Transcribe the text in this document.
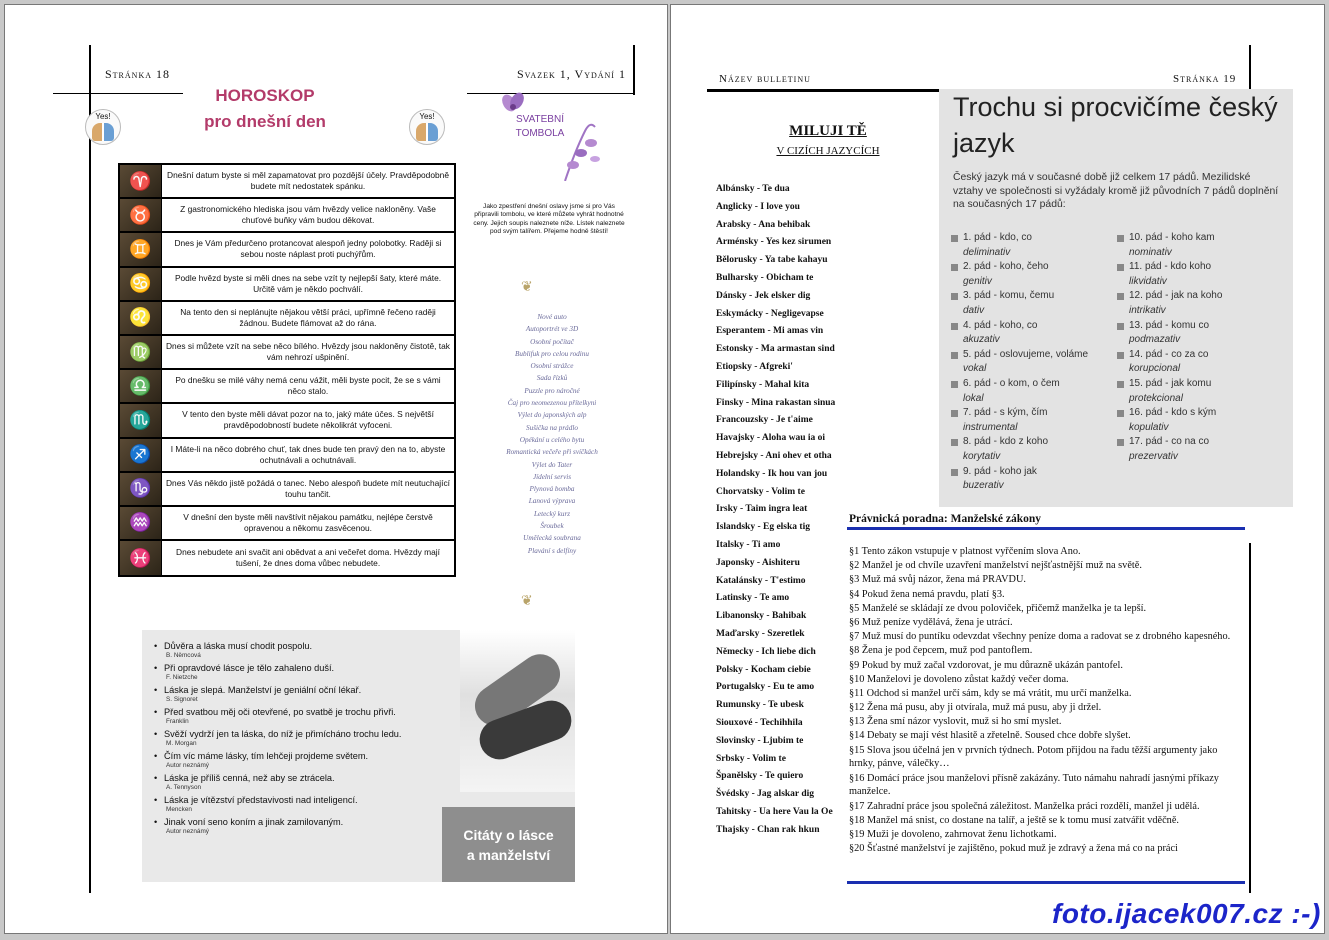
Stránka 18	Svazek 1, Vydání 1
Yes!	Yes!
HOROSKOP
pro dnešní den
♈	Dnešní datum byste si měl zapamatovat pro pozdější účely. Pravděpodobně budete mít nedostatek spánku.
♉	Z gastronomického hlediska jsou vám hvězdy velice nakloněny. Vaše chuťové buňky vám budou děkovat.
♊	Dnes je Vám předurčeno protancovat alespoň jedny polobotky. Raději si sebou noste náplast proti puchýřům.
♋	Podle hvězd byste si měli dnes na sebe vzít ty nejlepší šaty, které máte. Určitě vám je někdo pochválí.
♌	Na tento den si neplánujte nějakou větší práci, upřímně řečeno raději žádnou. Budete flámovat až do rána.
♍	Dnes si můžete vzít na sebe něco bílého. Hvězdy jsou nakloněny čistotě, tak vám nehrozí ušpinění.
♎	Po dnešku se milé váhy nemá cenu vážit, měli byste pocit, že se s vámi něco stalo.
♏	V tento den byste měli dávat pozor na to, jaký máte účes. S největší pravděpodobností budete několikrát vyfoceni.
♐	I Máte-li na něco dobrého chuť, tak dnes bude ten pravý den na to, abyste ochutnávali a ochutnávali.
♑	Dnes Vás někdo jistě požádá o tanec. Nebo alespoň budete mít neutuchající touhu tančit.
♒	V dnešní den byste měli navštívit nějakou památku, nejlépe čerstvě opravenou a někomu zasvěcenou.
♓	Dnes nebudete ani svačit ani obědvat a ani večeřet doma. Hvězdy mají tušení, že dnes doma vůbec nebudete.
SVATEBNÍ
TOMBOLA
Jako zpestření dnešní oslavy jsme si pro Vás připravili tombolu, ve které můžete vyhrát hodnotné ceny. Jejich soupis naleznete níže. Lístek naleznete pod svým talířem. Přejeme hodně štěstí!
❦
Nové auto
Autoportrét ve 3D
Osobní počítač
Bublifuk pro celou rodinu
Osobní strážce
Sada řízků
Puzzle pro náročné
Čaj pro neomezenou přítelkyni
Výlet do japonských alp
Sušička na prádlo
Opékání u celého bytu
Romantická večeře při svíčkách
Výlet do Tater
Jídelní servis
Plynová bomba
Lanová výprava
Letecký kurz
Šroubek
Umělecká soubrana
Plavání s delfíny
❦
• Důvěra a láska musí chodit pospolu.
B. Němcová
• Při opravdové lásce je tělo zahaleno duší.
F. Nietzche
• Láska je slepá. Manželství je geniální oční lékař.
S. Signoret
• Před svatbou měj oči otevřené, po svatbě je trochu přivři.
Franklin
• Svěží vydrží jen ta láska, do níž je přimícháno trochu ledu.
M. Morgan
• Čím víc máme lásky, tím lehčeji projdeme světem.
Autor neznámý
• Láska je příliš cenná, než aby se ztrácela.
A. Tennyson
• Láska je vítězství představivosti nad inteligencí.
Mencken
• Jinak voní seno koním a jinak zamilovaným.
Autor neznámý	Citáty o lásce
a manželství
Název bulletinu	Stránka 19
MILUJI TĚ
V CIZÍCH JAZYCÍCH
Albánsky - Te dua
Anglicky - I love you
Arabsky - Ana behibak
Arménsky - Yes kez sirumen
Bělorusky - Ya tabe kahayu
Bulharsky - Obicham te
Dánsky - Jek elsker dig
Eskymácky - Negligevapse
Esperantem - Mi amas vin
Estonsky - Ma armastan sind
Etiopsky - Afgreki'
Filipínsky - Mahal kita
Finsky - Mina rakastan sinua
Francouzsky - Je t'aime
Havajsky - Aloha wau ia oi
Hebrejsky - Ani ohev et otha
Holandsky - Ik hou van jou
Chorvatsky - Volim te
Irsky - Taim ingra leat
Islandsky - Eg elska tig
Italsky - Ti amo
Japonsky - Aishiteru
Katalánsky - T'estimo
Latinsky - Te amo
Libanonsky - Bahibak
Maďarsky - Szeretlek
Německy - Ich liebe dich
Polsky - Kocham ciebie
Portugalsky - Eu te amo
Rumunsky - Te ubesk
Siouxové - Techihhila
Slovinsky - Ljubim te
Srbsky - Volim te
Španělsky - Te quiero
Švédsky - Jag alskar dig
Tahitsky - Ua here Vau la Oe
Thajsky - Chan rak hkun
Trochu si procvičíme český jazyk
Český jazyk má v současné době již celkem 17 pádů. Mezilidské vztahy ve společnosti si vyžádaly kromě již původních 7 pádů doplnění na současných 17 pádů:
1. pád - kdo, co
deliminativ
2. pád - koho, čeho
genitiv
3. pád - komu, čemu
dativ
4. pád - koho, co
akuzativ
5. pád - oslovujeme, voláme
vokal
6. pád - o kom, o čem
lokal
7. pád - s kým, čím
instrumental
8. pád - kdo z koho
korytativ
9. pád - koho jak
buzerativ
10. pád - koho kam
nominativ
11. pád - kdo koho
likvidativ
12. pád - jak na koho
intrikativ
13. pád - komu co
podmazativ
14. pád - co za co
korupcional
15. pád - jak komu
protekcional
16. pád - kdo s kým
kopulativ
17. pád - co na co
prezervativ
Právnická poradna: Manželské zákony
§1 Tento zákon vstupuje v platnost vyřčením slova Ano.
§2 Manžel je od chvíle uzavření manželství nejšťastnější muž na světě.
§3 Muž má svůj názor, žena má PRAVDU.
§4 Pokud žena nemá pravdu, platí §3.
§5 Manželé se skládají ze dvou poloviček, přičemž manželka je ta lepší.
§6 Muž peníze vydělává, žena je utrácí.
§7 Muž musí do puntíku odevzdat všechny peníze doma a radovat se z drobného kapesného.
§8 Žena je pod čepcem, muž pod pantoflem.
§9 Pokud by muž začal vzdorovat, je mu důrazně ukázán pantofel.
§10 Manželovi je dovoleno zůstat každý večer doma.
§11 Odchod si manžel určí sám, kdy se má vrátit, mu určí manželka.
§12 Žena má pusu, aby ji otvírala, muž má pusu, aby ji držel.
§13 Žena smí názor vyslovit, muž si ho smí myslet.
§14 Debaty se mají vést hlasitě a zřetelně. Soused chce dobře slyšet.
§15 Slova jsou účelná jen v prvních týdnech. Potom přijdou na řadu těžší argumenty jako hrnky, pánve, válečky…
§16 Domácí práce jsou manželovi přísně zakázány. Tuto námahu nahradí jasnými příkazy manželce.
§17 Zahradní práce jsou společná záležitost. Manželka práci rozdělí, manžel ji udělá.
§18 Manžel má snist, co dostane na talíř, a ještě se k tomu musí zatvářit vděčně.
§19 Muži je dovoleno, zahrnovat ženu lichotkami.
§20 Šťastné manželství je zajištěno, pokud muž je zdravý a žena má co na práci
foto.ijacek007.cz :-)
